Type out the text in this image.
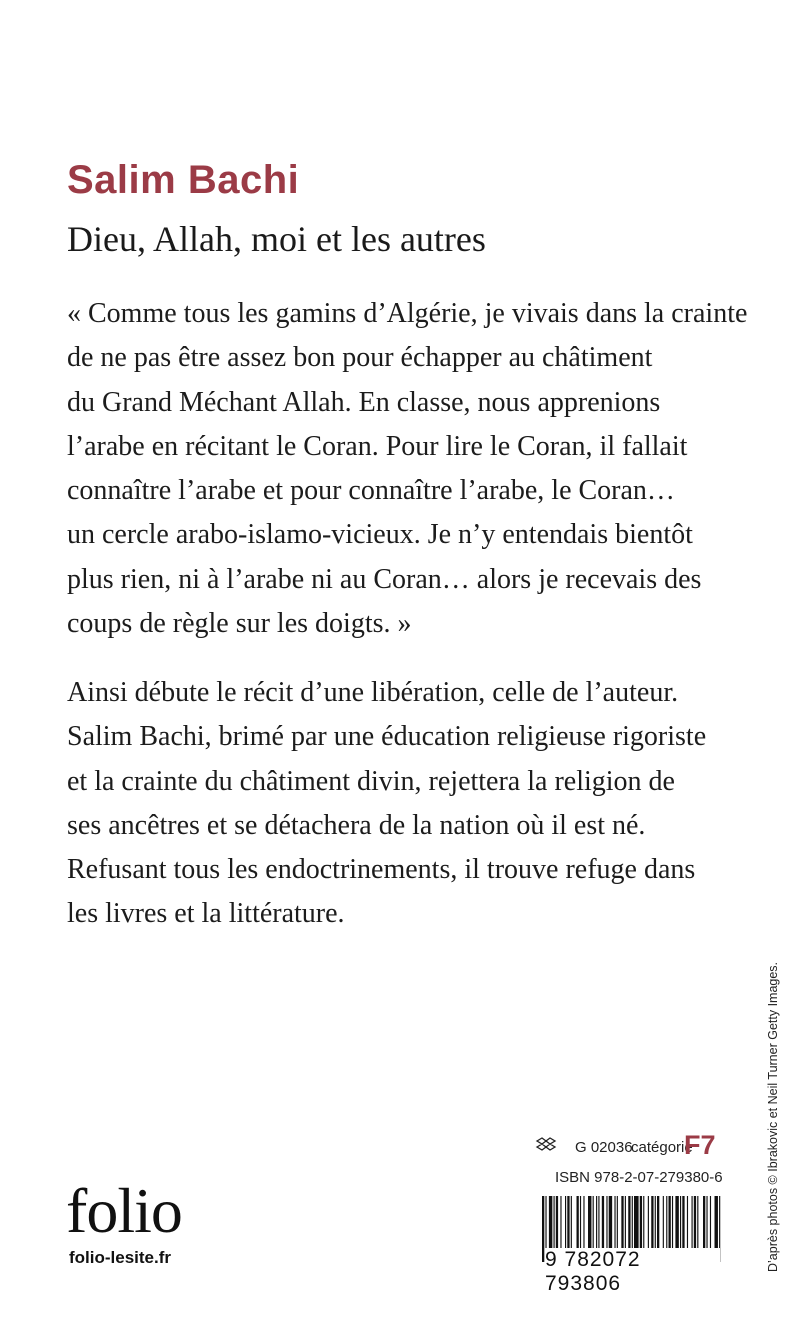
Salim Bachi
Dieu, Allah, moi et les autres
« Comme tous les gamins d’Algérie, je vivais dans la crainte
de ne pas être assez bon pour échapper au châtiment
du Grand Méchant Allah. En classe, nous apprenions
l’arabe en récitant le Coran. Pour lire le Coran, il fallait
connaître l’arabe et pour connaître l’arabe, le Coran…
un cercle arabo-islamo-vicieux. Je n’y entendais bientôt
plus rien, ni à l’arabe ni au Coran… alors je recevais des
coups de règle sur les doigts. »
Ainsi débute le récit d’une libération, celle de l’auteur.
Salim Bachi, brimé par une éducation religieuse rigoriste
et la crainte du châtiment divin, rejettera la religion de
ses ancêtres et se détachera de la nation où il est né.
Refusant tous les endoctrinements, il trouve refuge dans
les livres et la littérature.
D’après photos © Ibrakovic et Neil Turner Getty Images.
G 02036
catégorie
F7
ISBN 978-2-07-279380-6
9 782072 793806
folio
folio-lesite.fr
